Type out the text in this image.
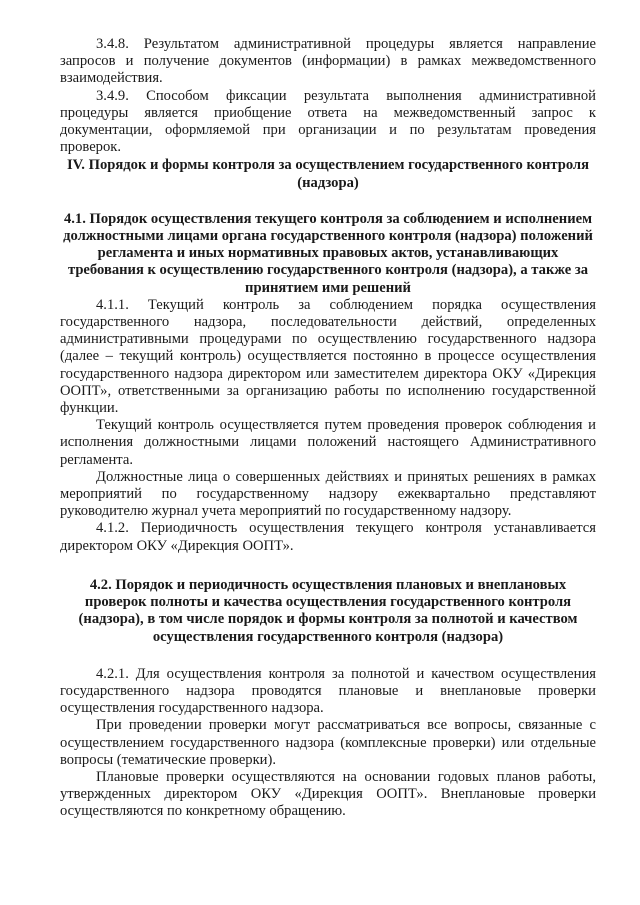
3.4.8. Результатом административной процедуры является направление запросов и получение документов (информации) в рамках межведомственного взаимодействия.

3.4.9. Способом фиксации результата выполнения административной процедуры является приобщение ответа на межведомственный запрос к документации, оформляемой при организации и по результатам проведения проверок.

IV. Порядок и формы контроля за осуществлением государственного контроля (надзора)
4.1. Порядок осуществления текущего контроля за соблюдением и исполнением должностными лицами органа государственного контроля (надзора) положений регламента и иных нормативных правовых актов, устанавливающих требования к осуществлению государственного контроля (надзора), а также за принятием ими решений

4.1.1. Текущий контроль за соблюдением порядка осуществления государственного надзора, последовательности действий, определенных административными процедурами по осуществлению государственного надзора (далее – текущий контроль) осуществляется постоянно в процессе осуществления государственного надзора директором или заместителем директора ОКУ «Дирекция ООПТ», ответственными за организацию работы по исполнению государственной функции.

Текущий контроль осуществляется путем проведения проверок соблюдения и исполнения должностными лицами положений настоящего Административного регламента.

Должностные лица о совершенных действиях и принятых решениях в рамках мероприятий по государственному надзору ежеквартально представляют руководителю журнал учета мероприятий по государственному надзору.

4.1.2. Периодичность осуществления текущего контроля устанавливается директором ОКУ «Дирекция ООПТ».

4.2. Порядок и периодичность осуществления плановых и внеплановых проверок полноты и качества осуществления государственного контроля (надзора), в том числе порядок и формы контроля за полнотой и качеством осуществления государственного контроля (надзора)

4.2.1. Для осуществления контроля за полнотой и качеством осуществления государственного надзора проводятся плановые и внеплановые проверки осуществления государственного надзора.

При проведении проверки могут рассматриваться все вопросы, связанные с осуществлением государственного надзора (комплексные проверки) или отдельные вопросы (тематические проверки).

Плановые проверки осуществляются на основании годовых планов работы, утвержденных директором ОКУ «Дирекция ООПТ». Внеплановые проверки осуществляются по конкретному обращению.
